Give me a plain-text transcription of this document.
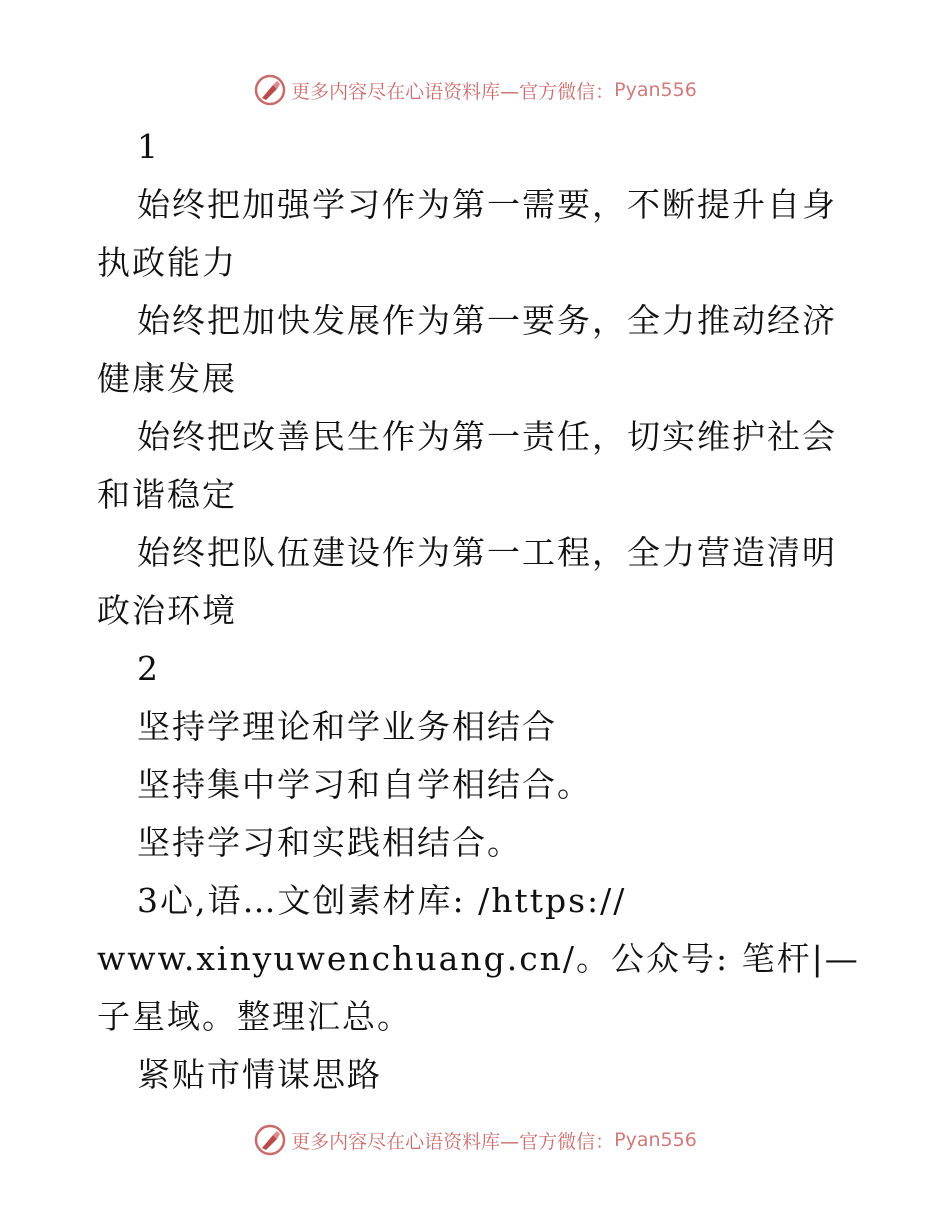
更多内容尽在心语资料库—官方微信： Pyan556

1

始终把加强学习作为第一需要，不断提升自身执政能力

始终把加快发展作为第一要务，全力推动经济健康发展

始终把改善民生作为第一责任，切实维护社会和谐稳定

始终把队伍建设作为第一工程，全力营造清明政治环境

2

坚持学理论和学业务相结合

坚持集中学习和自学相结合。

坚持学习和实践相结合。

3心,语…文创素材库: /https://

www.xinyuwenchuang.cn/。公众号: 笔杆|—子星域。整理汇总。

紧贴市情谋思路

更多内容尽在心语资料库—官方微信： Pyan556
